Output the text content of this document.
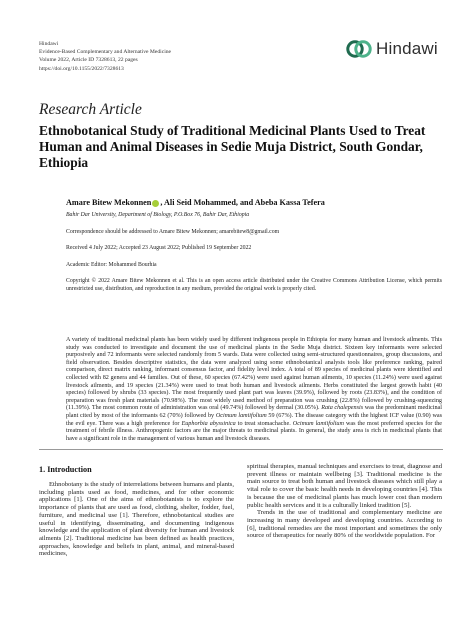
Hindawi
Evidence-Based Complementary and Alternative Medicine
Volume 2022, Article ID 7328613, 22 pages
https://doi.org/10.1155/2022/7328613
Hindawi
Research Article
Ethnobotanical Study of Traditional Medicinal Plants Used to Treat Human and Animal Diseases in Sedie Muja District, South Gondar, Ethiopia
Amare Bitew Mekonnen , Ali Seid Mohammed, and Abeba Kassa Tefera
Bahir Dar University, Department of Biology, P.O.Box 76, Bahir Dar, Ethiopia
Correspondence should be addressed to Amare Bitew Mekonnen; amarebitew8@gmail.com
Received 4 July 2022; Accepted 23 August 2022; Published 19 September 2022
Academic Editor: Mohammed Bourhia
Copyright © 2022 Amare Bitew Mekonnen et al. This is an open access article distributed under the Creative Commons Attribution License, which permits unrestricted use, distribution, and reproduction in any medium, provided the original work is properly cited.
A variety of traditional medicinal plants has been widely used by different indigenous people in Ethiopia for many human and livestock ailments. This study was conducted to investigate and document the use of medicinal plants in the Sedie Muja district. Sixteen key informants were selected purposively and 72 informants were selected randomly from 5 wards. Data were collected using semi-structured questionnaires, group discussions, and field observation. Besides descriptive statistics, the data were analyzed using some ethnobotanical analysis tools like preference ranking, paired comparison, direct matrix ranking, informant consensus factor, and fidelity level index. A total of 89 species of medicinal plants were identified and collected with 82 genera and 44 families. Out of these, 60 species (67.42%) were used against human ailments, 10 species (11.24%) were used against livestock ailments, and 19 species (21.34%) were used to treat both human and livestock ailments. Herbs constituted the largest growth habit (40 species) followed by shrubs (33 species). The most frequently used plant part was leaves (39.9%), followed by roots (23.83%), and the condition of preparation was fresh plant materials (70.98%). The most widely used method of preparation was crushing (22.8%) followed by crushing-squeezing (11.39%). The most common route of administration was oral (49.74%) followed by dermal (30.05%). Rata chalepensis was the predominant medicinal plant cited by most of the informants 62 (70%) followed by Ocimum lamiifolium 59 (67%). The disease category with the highest ICF value (0.90) was the evil eye. There was a high preference for Euphorbia abyssinica to treat stomachache. Ocimum lamiifolium was the most preferred species for the treatment of febrile illness. Anthropogenic factors are the major threats to medicinal plants. In general, the study area is rich in medicinal plants that have a significant role in the management of various human and livestock diseases.
1. Introduction
Ethnobotany is the study of interrelations between humans and plants, including plants used as food, medicines, and for other economic applications [1]. One of the aims of ethnobotanists is to explore the importance of plants that are used as food, clothing, shelter, fodder, fuel, furniture, and medicinal use [1]. Therefore, ethnobotanical studies are useful in identifying, disseminating, and documenting indigenous knowledge and the application of plant diversity for human and livestock ailments [2]. Traditional medicine has been defined as health practices, approaches, knowledge and beliefs in plant, animal, and mineral-based medicines,
spiritual therapies, manual techniques and exercises to treat, diagnose and prevent illness or maintain wellbeing [3]. Traditional medicine is the main source to treat both human and livestock diseases which still play a vital role to cover the basic health needs in developing countries [4]. This is because the use of medicinal plants has much lower cost than modern public health services and it is a culturally linked tradition [5].
Trends in the use of traditional and complementary medicine are increasing in many developed and developing countries. According to [6], traditional remedies are the most important and sometimes the only source of therapeutics for nearly 80% of the worldwide population. For
